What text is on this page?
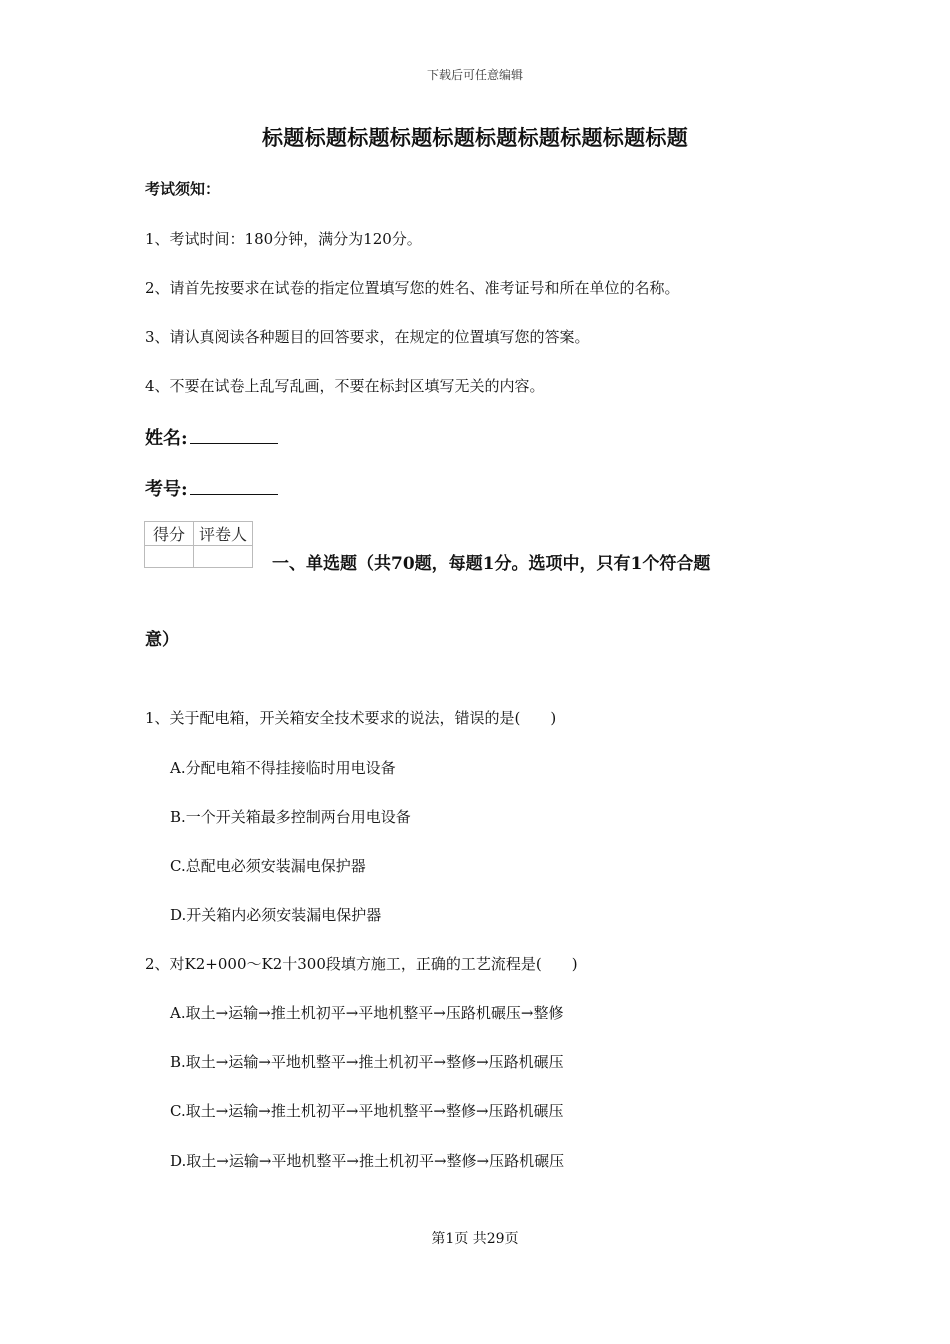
下载后可任意编辑
标题标题标题标题标题标题标题标题标题标题
考试须知：
1、考试时间：180分钟，满分为120分。
2、请首先按要求在试卷的指定位置填写您的姓名、准考证号和所在单位的名称。
3、请认真阅读各种题目的回答要求，在规定的位置填写您的答案。
4、不要在试卷上乱写乱画，不要在标封区填写无关的内容。
姓名:
考号:
得分	评卷人

一、单选题（共70题，每题1分。选项中，只有1个符合题
意）
1、关于配电箱，开关箱安全技术要求的说法，错误的是(　　)
A.分配电箱不得挂接临时用电设备
B.一个开关箱最多控制两台用电设备
C.总配电必须安装漏电保护器
D.开关箱内必须安装漏电保护器
2、对K2+000～K2十300段填方施工，正确的工艺流程是(　　)
A.取土→运输→推土机初平→平地机整平→压路机碾压→整修
B.取土→运输→平地机整平→推土机初平→整修→压路机碾压
C.取土→运输→推土机初平→平地机整平→整修→压路机碾压
D.取土→运输→平地机整平→推土机初平→整修→压路机碾压
第1页 共29页
